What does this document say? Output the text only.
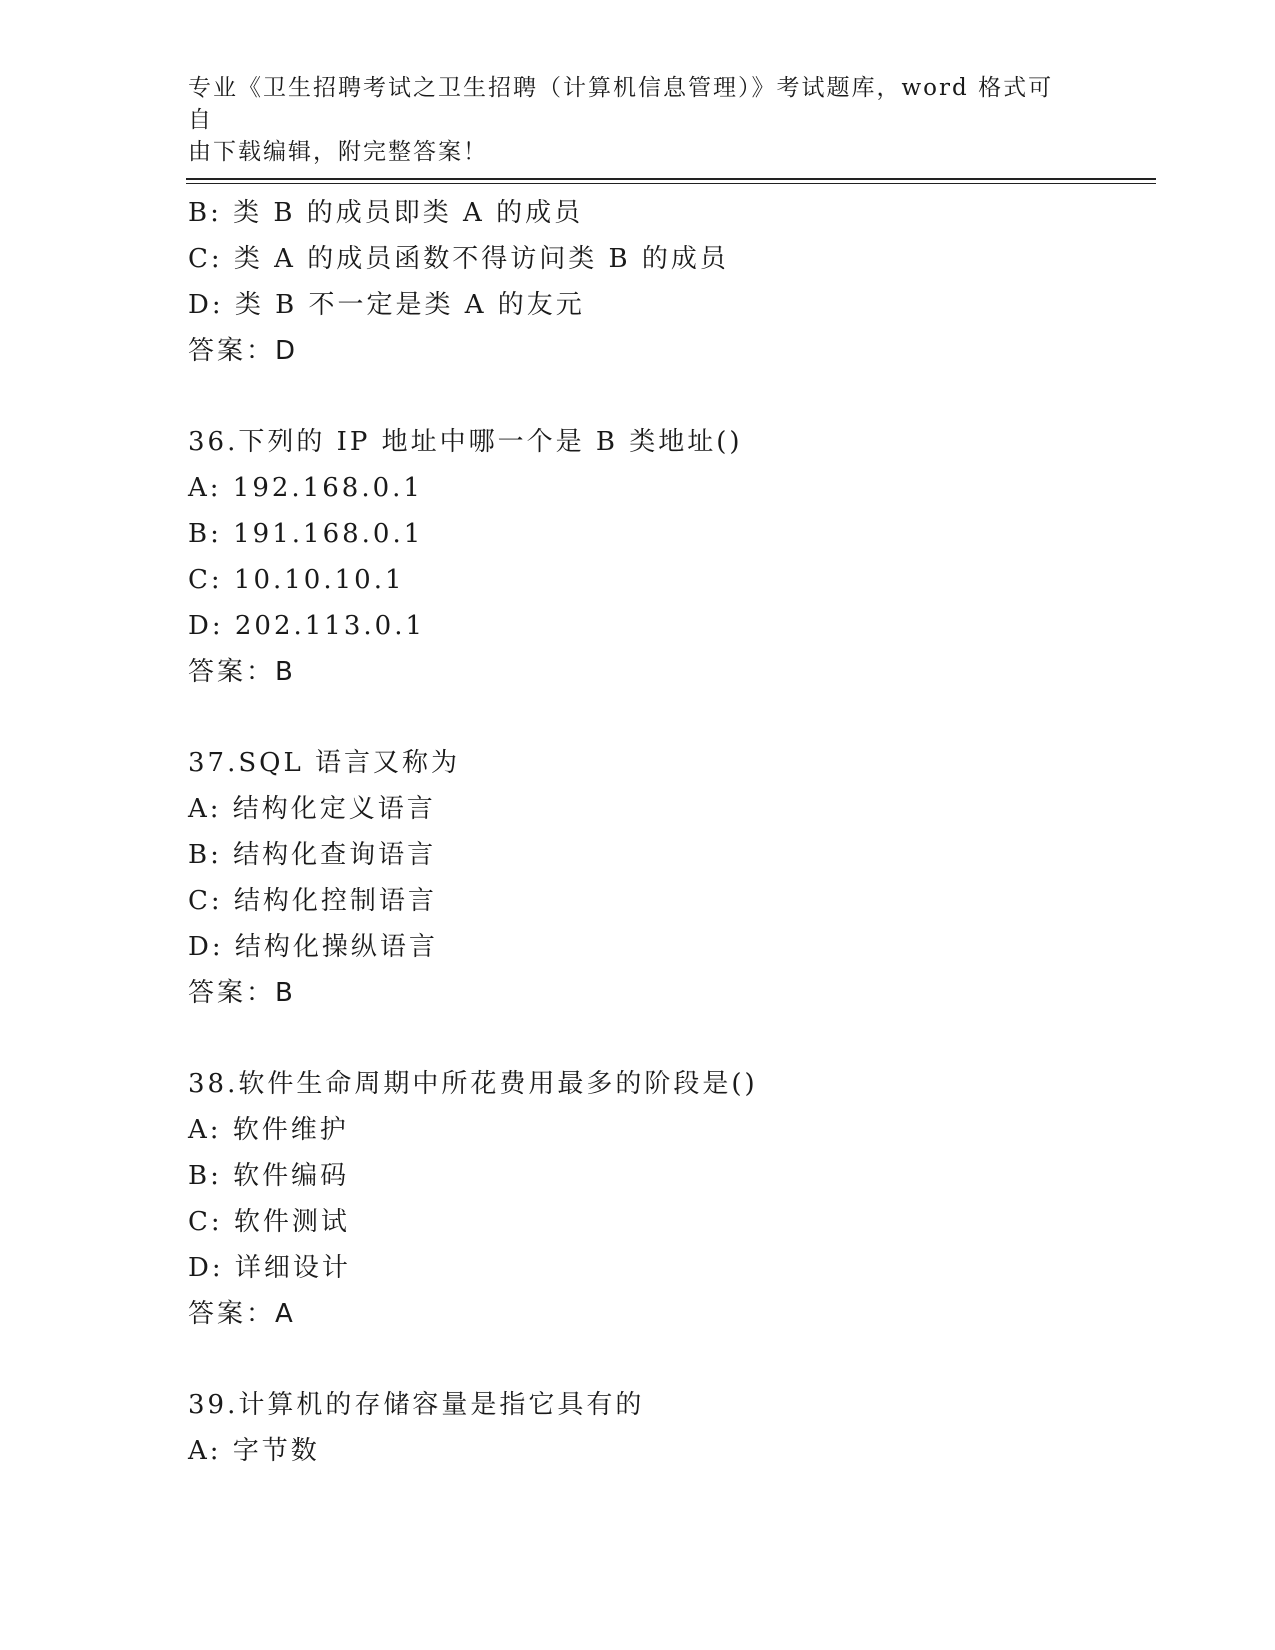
专业《卫生招聘考试之卫生招聘（计算机信息管理）》考试题库，word 格式可自
由下载编辑，附完整答案！
B: 类 B 的成员即类 A 的成员
C: 类 A 的成员函数不得访问类 B 的成员
D: 类 B 不一定是类 A 的友元
答案：D
36.下列的 IP 地址中哪一个是 B 类地址()
A: 192.168.0.1
B: 191.168.0.1
C: 10.10.10.1
D: 202.113.0.1
答案：B
37.SQL 语言又称为
A: 结构化定义语言
B: 结构化查询语言
C: 结构化控制语言
D: 结构化操纵语言
答案：B
38.软件生命周期中所花费用最多的阶段是()
A: 软件维护
B: 软件编码
C: 软件测试
D: 详细设计
答案：A
39.计算机的存储容量是指它具有的
A: 字节数
